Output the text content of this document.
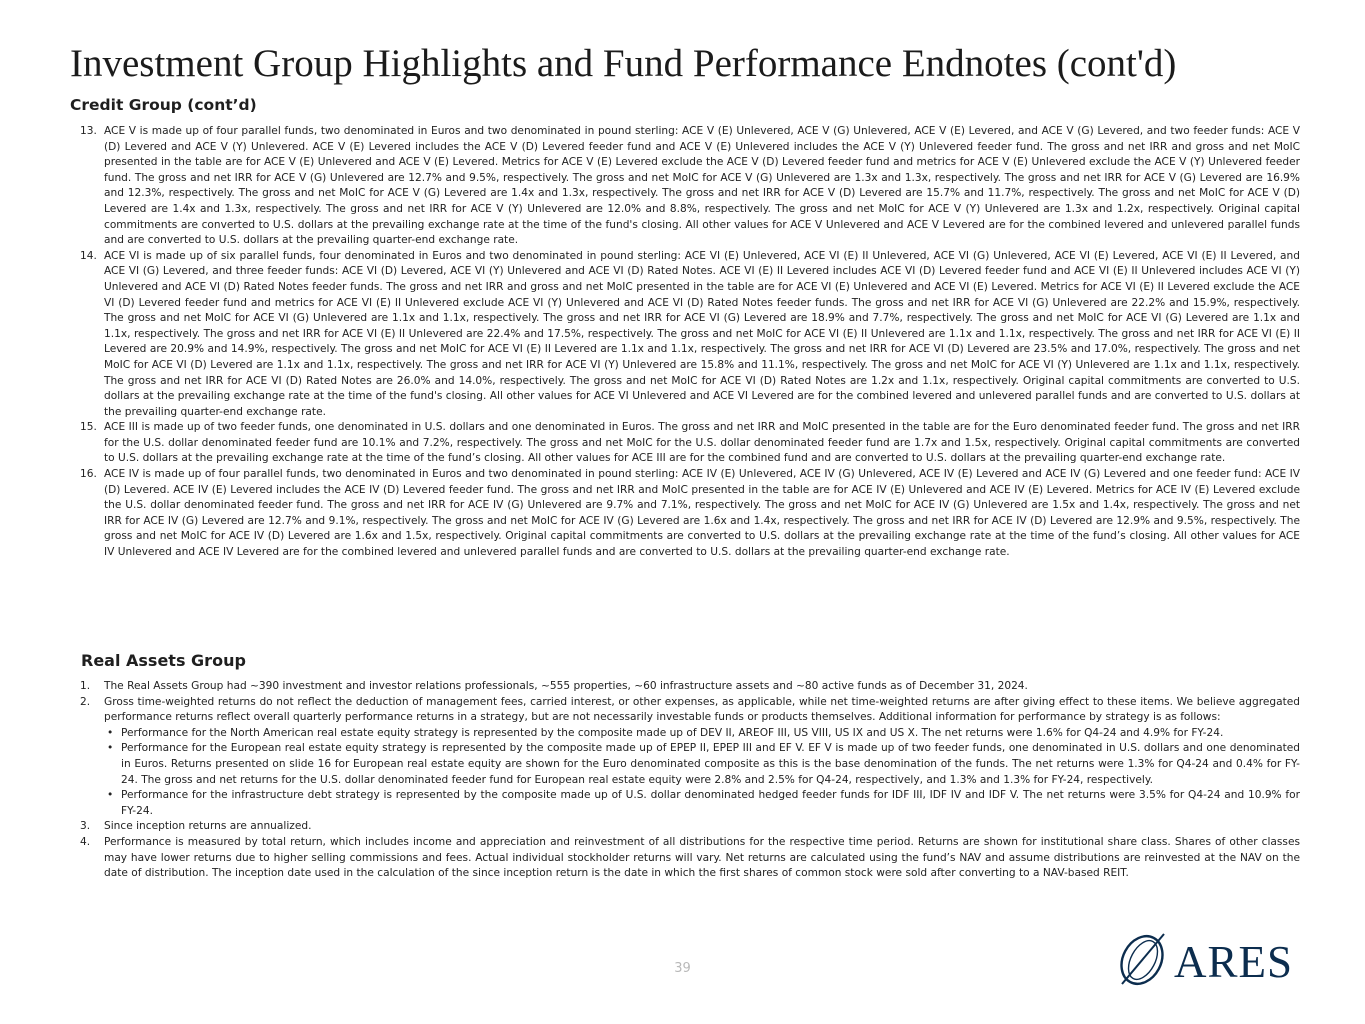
Investment Group Highlights and Fund Performance Endnotes (cont'd)
Credit Group (cont’d)
13. ACE V is made up of four parallel funds, two denominated in Euros and two denominated in pound sterling: ACE V (E) Unlevered, ACE V (G) Unlevered, ACE V (E) Levered, and ACE V (G) Levered, and two feeder funds: ACE V (D) Levered and ACE V (Y) Unlevered. ACE V (E) Levered includes the ACE V (D) Levered feeder fund and ACE V (E) Unlevered includes the ACE V (Y) Unlevered feeder fund. The gross and net IRR and gross and net MoIC presented in the table are for ACE V (E) Unlevered and ACE V (E) Levered. Metrics for ACE V (E) Levered exclude the ACE V (D) Levered feeder fund and metrics for ACE V (E) Unlevered exclude the ACE V (Y) Unlevered feeder fund. The gross and net IRR for ACE V (G) Unlevered are 12.7% and 9.5%, respectively. The gross and net MoIC for ACE V (G) Unlevered are 1.3x and 1.3x, respectively. The gross and net IRR for ACE V (G) Levered are 16.9% and 12.3%, respectively. The gross and net MoIC for ACE V (G) Levered are 1.4x and 1.3x, respectively. The gross and net IRR for ACE V (D) Levered are 15.7% and 11.7%, respectively. The gross and net MoIC for ACE V (D) Levered are 1.4x and 1.3x, respectively. The gross and net IRR for ACE V (Y) Unlevered are 12.0% and 8.8%, respectively. The gross and net MoIC for ACE V (Y) Unlevered are 1.3x and 1.2x, respectively. Original capital commitments are converted to U.S. dollars at the prevailing exchange rate at the time of the fund's closing. All other values for ACE V Unlevered and ACE V Levered are for the combined levered and unlevered parallel funds and are converted to U.S. dollars at the prevailing quarter-end exchange rate.
14. ACE VI is made up of six parallel funds, four denominated in Euros and two denominated in pound sterling: ACE VI (E) Unlevered, ACE VI (E) II Unlevered, ACE VI (G) Unlevered, ACE VI (E) Levered, ACE VI (E) II Levered, and ACE VI (G) Levered, and three feeder funds: ACE VI (D) Levered, ACE VI (Y) Unlevered and ACE VI (D) Rated Notes. ACE VI (E) II Levered includes ACE VI (D) Levered feeder fund and ACE VI (E) II Unlevered includes ACE VI (Y) Unlevered and ACE VI (D) Rated Notes feeder funds. The gross and net IRR and gross and net MoIC presented in the table are for ACE VI (E) Unlevered and ACE VI (E) Levered. Metrics for ACE VI (E) II Levered exclude the ACE VI (D) Levered feeder fund and metrics for ACE VI (E) II Unlevered exclude ACE VI (Y) Unlevered and ACE VI (D) Rated Notes feeder funds. The gross and net IRR for ACE VI (G) Unlevered are 22.2% and 15.9%, respectively. The gross and net MoIC for ACE VI (G) Unlevered are 1.1x and 1.1x, respectively. The gross and net IRR for ACE VI (G) Levered are 18.9% and 7.7%, respectively. The gross and net MoIC for ACE VI (G) Levered are 1.1x and 1.1x, respectively. The gross and net IRR for ACE VI (E) II Unlevered are 22.4% and 17.5%, respectively. The gross and net MoIC for ACE VI (E) II Unlevered are 1.1x and 1.1x, respectively. The gross and net IRR for ACE VI (E) II Levered are 20.9% and 14.9%, respectively. The gross and net MoIC for ACE VI (E) II Levered are 1.1x and 1.1x, respectively. The gross and net IRR for ACE VI (D) Levered are 23.5% and 17.0%, respectively. The gross and net MoIC for ACE VI (D) Levered are 1.1x and 1.1x, respectively. The gross and net IRR for ACE VI (Y) Unlevered are 15.8% and 11.1%, respectively. The gross and net MoIC for ACE VI (Y) Unlevered are 1.1x and 1.1x, respectively. The gross and net IRR for ACE VI (D) Rated Notes are 26.0% and 14.0%, respectively. The gross and net MoIC for ACE VI (D) Rated Notes are 1.2x and 1.1x, respectively. Original capital commitments are converted to U.S. dollars at the prevailing exchange rate at the time of the fund's closing. All other values for ACE VI Unlevered and ACE VI Levered are for the combined levered and unlevered parallel funds and are converted to U.S. dollars at the prevailing quarter-end exchange rate.
15. ACE III is made up of two feeder funds, one denominated in U.S. dollars and one denominated in Euros. The gross and net IRR and MoIC presented in the table are for the Euro denominated feeder fund. The gross and net IRR for the U.S. dollar denominated feeder fund are 10.1% and 7.2%, respectively. The gross and net MoIC for the U.S. dollar denominated feeder fund are 1.7x and 1.5x, respectively. Original capital commitments are converted to U.S. dollars at the prevailing exchange rate at the time of the fund’s closing. All other values for ACE III are for the combined fund and are converted to U.S. dollars at the prevailing quarter-end exchange rate.
16. ACE IV is made up of four parallel funds, two denominated in Euros and two denominated in pound sterling: ACE IV (E) Unlevered, ACE IV (G) Unlevered, ACE IV (E) Levered and ACE IV (G) Levered and one feeder fund: ACE IV (D) Levered. ACE IV (E) Levered includes the ACE IV (D) Levered feeder fund. The gross and net IRR and MoIC presented in the table are for ACE IV (E) Unlevered and ACE IV (E) Levered. Metrics for ACE IV (E) Levered exclude the U.S. dollar denominated feeder fund. The gross and net IRR for ACE IV (G) Unlevered are 9.7% and 7.1%, respectively. The gross and net MoIC for ACE IV (G) Unlevered are 1.5x and 1.4x, respectively. The gross and net IRR for ACE IV (G) Levered are 12.7% and 9.1%, respectively. The gross and net MoIC for ACE IV (G) Levered are 1.6x and 1.4x, respectively. The gross and net IRR for ACE IV (D) Levered are 12.9% and 9.5%, respectively. The gross and net MoIC for ACE IV (D) Levered are 1.6x and 1.5x, respectively. Original capital commitments are converted to U.S. dollars at the prevailing exchange rate at the time of the fund’s closing. All other values for ACE IV Unlevered and ACE IV Levered are for the combined levered and unlevered parallel funds and are converted to U.S. dollars at the prevailing quarter-end exchange rate.
Real Assets Group
1. The Real Assets Group had ~390 investment and investor relations professionals, ~555 properties, ~60 infrastructure assets and ~80 active funds as of December 31, 2024.
2. Gross time-weighted returns do not reflect the deduction of management fees, carried interest, or other expenses, as applicable, while net time-weighted returns are after giving effect to these items. We believe aggregated performance returns reflect overall quarterly performance returns in a strategy, but are not necessarily investable funds or products themselves. Additional information for performance by strategy is as follows:
• Performance for the North American real estate equity strategy is represented by the composite made up of DEV II, AREOF III, US VIII, US IX and US X. The net returns were 1.6% for Q4-24 and 4.9% for FY-24.
• Performance for the European real estate equity strategy is represented by the composite made up of EPEP II, EPEP III and EF V. EF V is made up of two feeder funds, one denominated in U.S. dollars and one denominated in Euros. Returns presented on slide 16 for European real estate equity are shown for the Euro denominated composite as this is the base denomination of the funds. The net returns were 1.3% for Q4-24 and 0.4% for FY-24. The gross and net returns for the U.S. dollar denominated feeder fund for European real estate equity were 2.8% and 2.5% for Q4-24, respectively, and 1.3% and 1.3% for FY-24, respectively.
• Performance for the infrastructure debt strategy is represented by the composite made up of U.S. dollar denominated hedged feeder funds for IDF III, IDF IV and IDF V. The net returns were 3.5% for Q4-24 and 10.9% for FY-24.
3. Since inception returns are annualized.
4. Performance is measured by total return, which includes income and appreciation and reinvestment of all distributions for the respective time period. Returns are shown for institutional share class. Shares of other classes may have lower returns due to higher selling commissions and fees. Actual individual stockholder returns will vary. Net returns are calculated using the fund’s NAV and assume distributions are reinvested at the NAV on the date of distribution. The inception date used in the calculation of the since inception return is the date in which the first shares of common stock were sold after converting to a NAV-based REIT.
39	ARES
